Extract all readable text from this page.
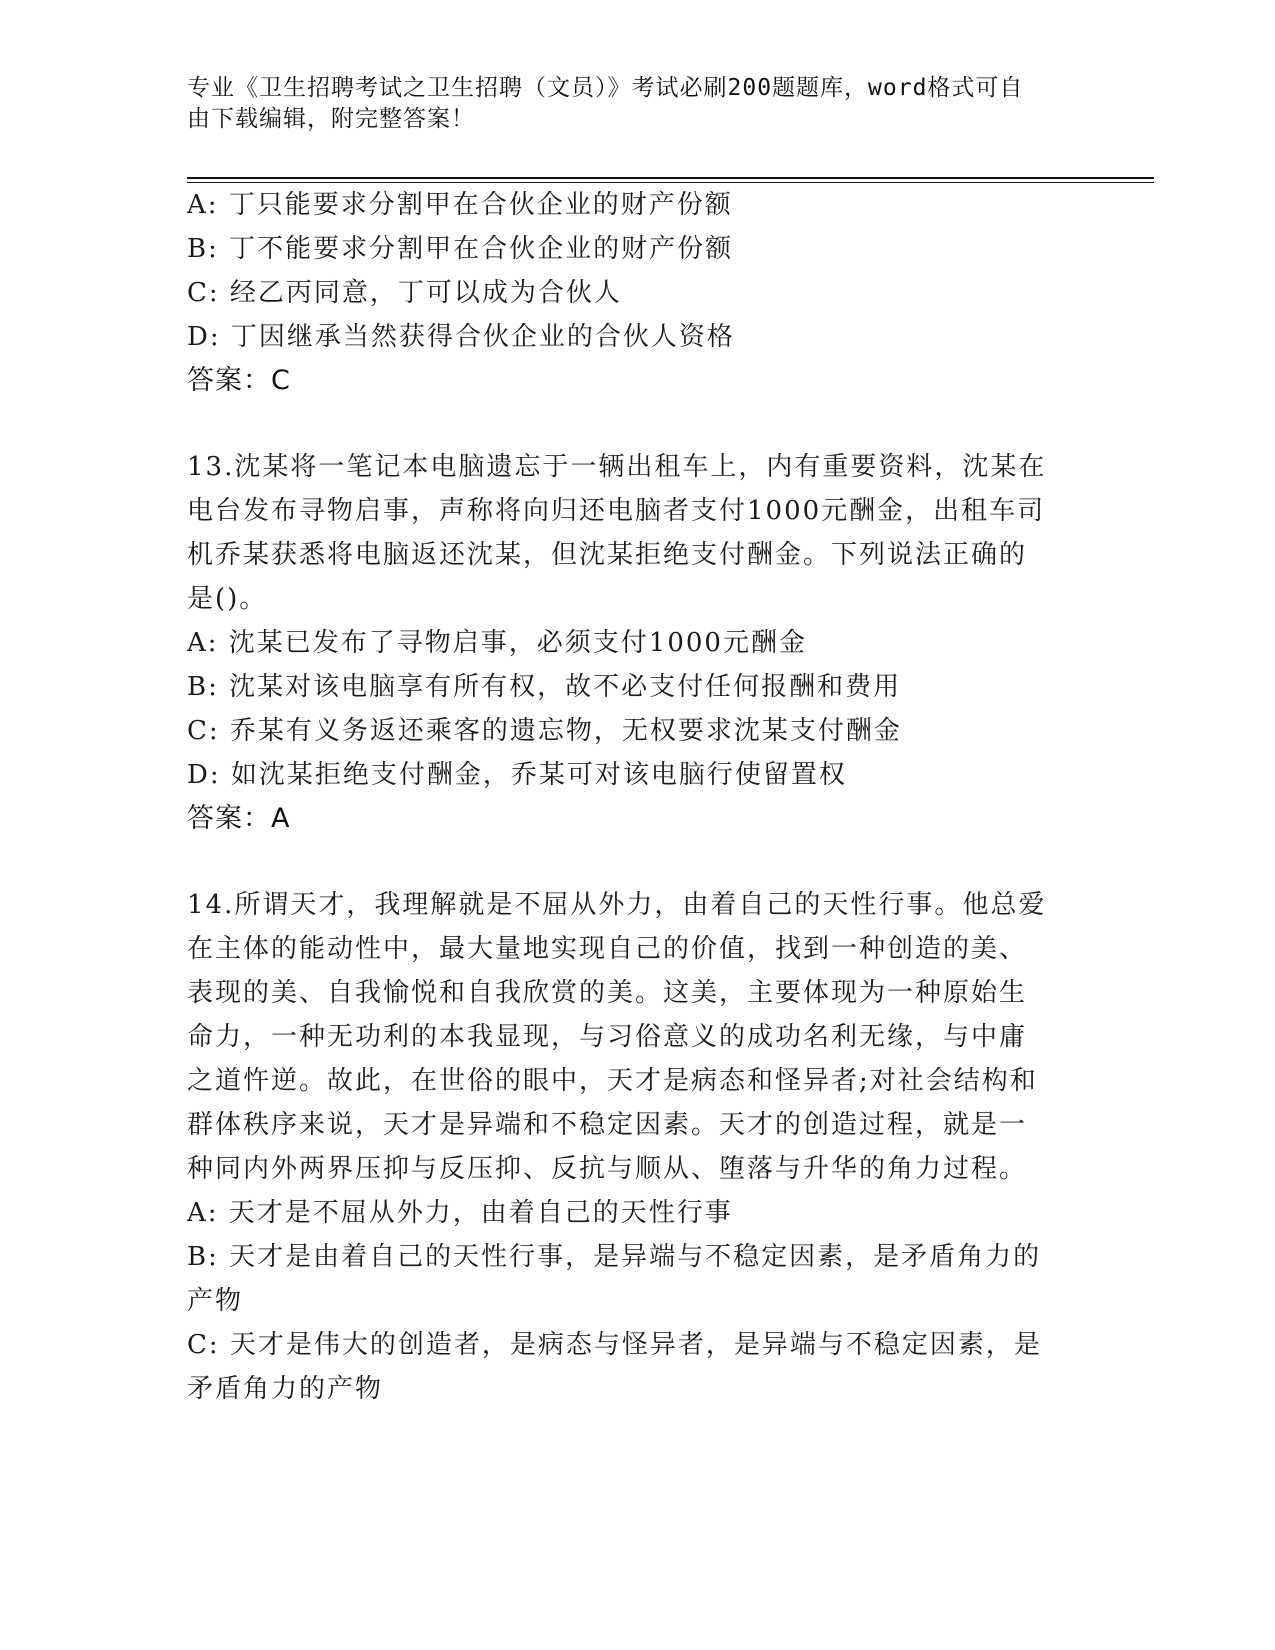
专业《卫生招聘考试之卫生招聘（文员）》考试必刷200题题库，word格式可自
由下载编辑，附完整答案！
A: 丁只能要求分割甲在合伙企业的财产份额
B: 丁不能要求分割甲在合伙企业的财产份额
C: 经乙丙同意，丁可以成为合伙人
D: 丁因继承当然获得合伙企业的合伙人资格
答案：C
13.沈某将一笔记本电脑遗忘于一辆出租车上，内有重要资料，沈某在
电台发布寻物启事，声称将向归还电脑者支付1000元酬金，出租车司
机乔某获悉将电脑返还沈某，但沈某拒绝支付酬金。下列说法正确的
是()。
A: 沈某已发布了寻物启事，必须支付1000元酬金
B: 沈某对该电脑享有所有权，故不必支付任何报酬和费用
C: 乔某有义务返还乘客的遗忘物，无权要求沈某支付酬金
D: 如沈某拒绝支付酬金，乔某可对该电脑行使留置权
答案：A
14.所谓天才，我理解就是不屈从外力，由着自己的天性行事。他总爱
在主体的能动性中，最大量地实现自己的价值，找到一种创造的美、
表现的美、自我愉悦和自我欣赏的美。这美，主要体现为一种原始生
命力，一种无功利的本我显现，与习俗意义的成功名利无缘，与中庸
之道忤逆。故此，在世俗的眼中，天才是病态和怪异者;对社会结构和
群体秩序来说，天才是异端和不稳定因素。天才的创造过程，就是一
种同内外两界压抑与反压抑、反抗与顺从、堕落与升华的角力过程。
A: 天才是不屈从外力，由着自己的天性行事
B: 天才是由着自己的天性行事，是异端与不稳定因素，是矛盾角力的
产物
C: 天才是伟大的创造者，是病态与怪异者，是异端与不稳定因素，是
矛盾角力的产物
